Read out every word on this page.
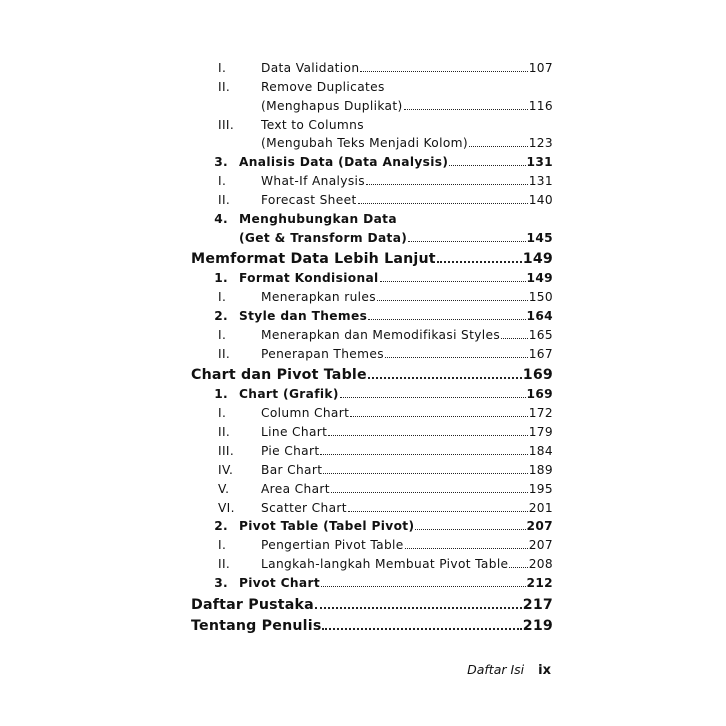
I.	Data Validation	107
II.	Remove Duplicates
(Menghapus Duplikat)	116
III.	Text to Columns
(Mengubah Teks Menjadi Kolom)	123
3. Analisis Data (Data Analysis)	131
I.	What-If Analysis	131
II.	Forecast Sheet	140
4. Menghubungkan Data
(Get & Transform Data)	145
Memformat Data Lebih Lanjut	149
1. Format Kondisional	149
I.	Menerapkan rules	150
2. Style dan Themes	164
I.	Menerapkan dan Memodifikasi Styles 165
II.	Penerapan Themes	167
Chart dan Pivot Table	169
1. Chart (Grafik)	169
I.	Column Chart	172
II.	Line Chart	179
III.	Pie Chart	184
IV.	Bar Chart	189
V.	Area Chart	195
VI.	Scatter Chart	201
2. Pivot Table (Tabel Pivot)	207
I.	Pengertian Pivot Table	207
II.	Langkah-langkah Membuat Pivot Table 208
3. Pivot Chart	212
Daftar Pustaka	217
Tentang Penulis	219
Daftar Isi ix
